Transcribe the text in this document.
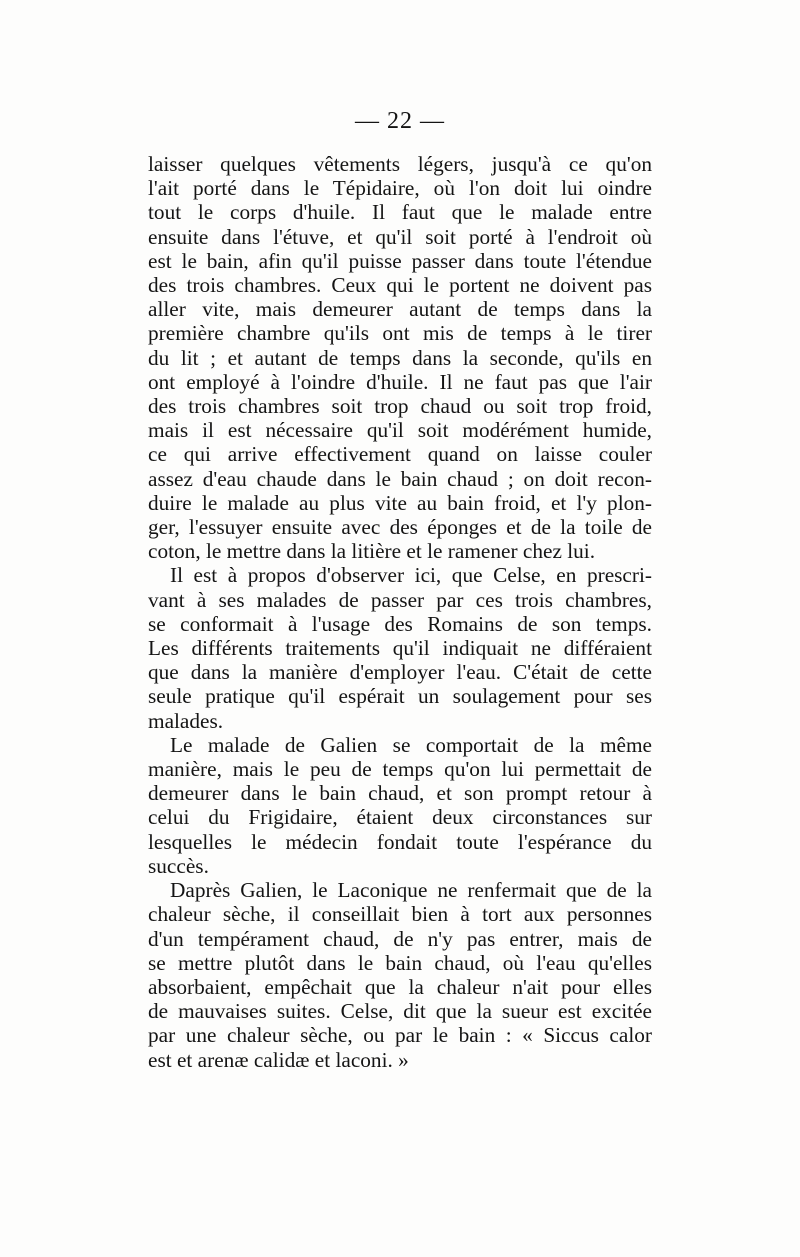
— 22 —

laisser quelques vêtements légers, jusqu'à ce qu'on
l'ait porté dans le Tépidaire, où l'on doit lui oindre
tout le corps d'huile. Il faut que le malade entre
ensuite dans l'étuve, et qu'il soit porté à l'endroit où
est le bain, afin qu'il puisse passer dans toute l'étendue
des trois chambres. Ceux qui le portent ne doivent pas
aller vite, mais demeurer autant de temps dans la
première chambre qu'ils ont mis de temps à le tirer
du lit ; et autant de temps dans la seconde, qu'ils en
ont employé à l'oindre d'huile. Il ne faut pas que l'air
des trois chambres soit trop chaud ou soit trop froid,
mais il est nécessaire qu'il soit modérément humide,
ce qui arrive effectivement quand on laisse couler
assez d'eau chaude dans le bain chaud ; on doit recon-
duire le malade au plus vite au bain froid, et l'y plon-
ger, l'essuyer ensuite avec des éponges et de la toile de
coton, le mettre dans la litière et le ramener chez lui.

Il est à propos d'observer ici, que Celse, en prescri-
vant à ses malades de passer par ces trois chambres,
se conformait à l'usage des Romains de son temps.
Les différents traitements qu'il indiquait ne différaient
que dans la manière d'employer l'eau. C'était de cette
seule pratique qu'il espérait un soulagement pour ses
malades.

Le malade de Galien se comportait de la même
manière, mais le peu de temps qu'on lui permettait de
demeurer dans le bain chaud, et son prompt retour à
celui du Frigidaire, étaient deux circonstances sur
lesquelles le médecin fondait toute l'espérance du
succès.

Daprès Galien, le Laconique ne renfermait que de la
chaleur sèche, il conseillait bien à tort aux personnes
d'un tempérament chaud, de n'y pas entrer, mais de
se mettre plutôt dans le bain chaud, où l'eau qu'elles
absorbaient, empêchait que la chaleur n'ait pour elles
de mauvaises suites. Celse, dit que la sueur est excitée
par une chaleur sèche, ou par le bain : « Siccus calor
est et arenæ calidæ et laconi. »
